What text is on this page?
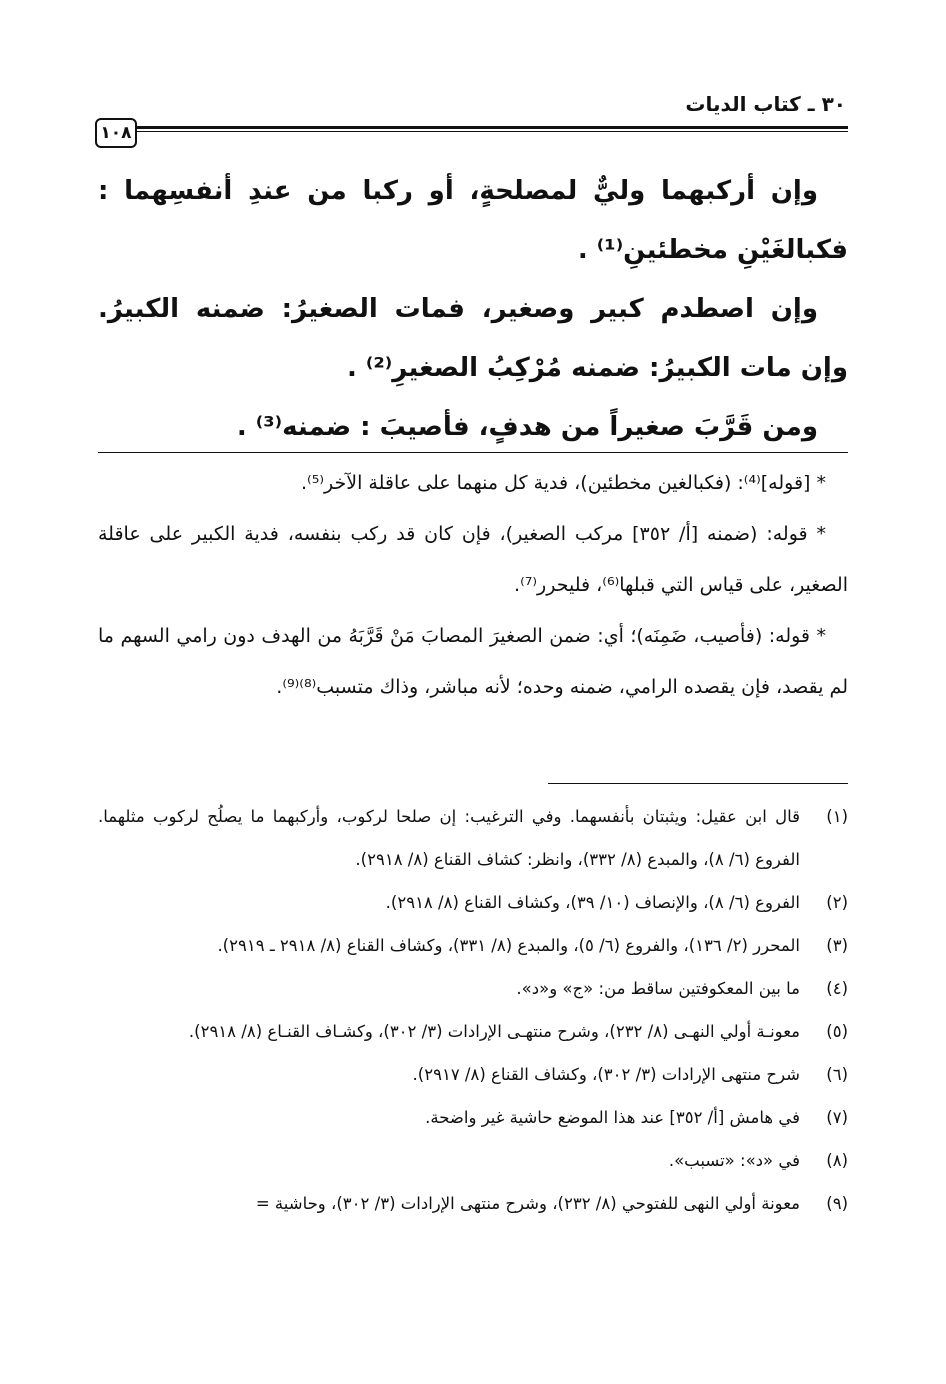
٣٠ ـ كتاب الديات
١٠٨

وإن أركبهما وليٌّ لمصلحةٍ، أو ركبا من عندِ أنفسِهما : فكبالغَيْنِ مخطئينِ⁽¹⁾ .

وإن اصطدم كبير وصغير، فمات الصغيرُ: ضمنه الكبيرُ. وإن مات الكبيرُ: ضمنه مُرْكِبُ الصغيرِ⁽²⁾ .

ومن قَرَّبَ صغيراً من هدفٍ، فأصيبَ : ضمنه⁽³⁾ .

* [قوله]⁽⁴⁾: (فكبالغين مخطئين)، فدية كل منهما على عاقلة الآخر⁽⁵⁾.

* قوله: (ضمنه [أ/ ٣٥٢] مركب الصغير)، فإن كان قد ركب بنفسه، فدية الكبير على عاقلة الصغير، على قياس التي قبلها⁽⁶⁾، فليحرر⁽⁷⁾.

* قوله: (فأصيب، ضَمِنَه)؛ أي: ضمن الصغيرَ المصابَ مَنْ قَرَّبَهُ من الهدف دون رامي السهم ما لم يقصد، فإن يقصده الرامي، ضمنه وحده؛ لأنه مباشر، وذاك متسبب⁽⁸⁾⁽⁹⁾.

(١)
قال ابن عقيل: ويثبتان بأنفسهما. وفي الترغيب: إن صلحا لركوب، وأركبهما ما يصلُح لركوب مثلهما. الفروع (٦/ ٨)، والمبدع (٨/ ٣٣٢)، وانظر: كشاف القناع (٨/ ٢٩١٨).
(٢)
الفروع (٦/ ٨)، والإنصاف (١٠/ ٣٩)، وكشاف القناع (٨/ ٢٩١٨).
(٣)
المحرر (٢/ ١٣٦)، والفروع (٦/ ٥)، والمبدع (٨/ ٣٣١)، وكشاف القناع (٨/ ٢٩١٨ ـ ٢٩١٩).
(٤)
ما بين المعكوفتين ساقط من: «ج» و«د».
(٥)
معونـة أولي النهـى (٨/ ٢٣٢)، وشرح منتهـى الإرادات (٣/ ٣٠٢)، وكشـاف القنـاع (٨/ ٢٩١٨).
(٦)
شرح منتهى الإرادات (٣/ ٣٠٢)، وكشاف القناع (٨/ ٢٩١٧).
(٧)
في هامش [أ/ ٣٥٢] عند هذا الموضع حاشية غير واضحة.
(٨)
في «د»: «تسبب».
(٩)
معونة أولي النهى للفتوحي (٨/ ٢٣٢)، وشرح منتهى الإرادات (٣/ ٣٠٢)، وحاشية =
